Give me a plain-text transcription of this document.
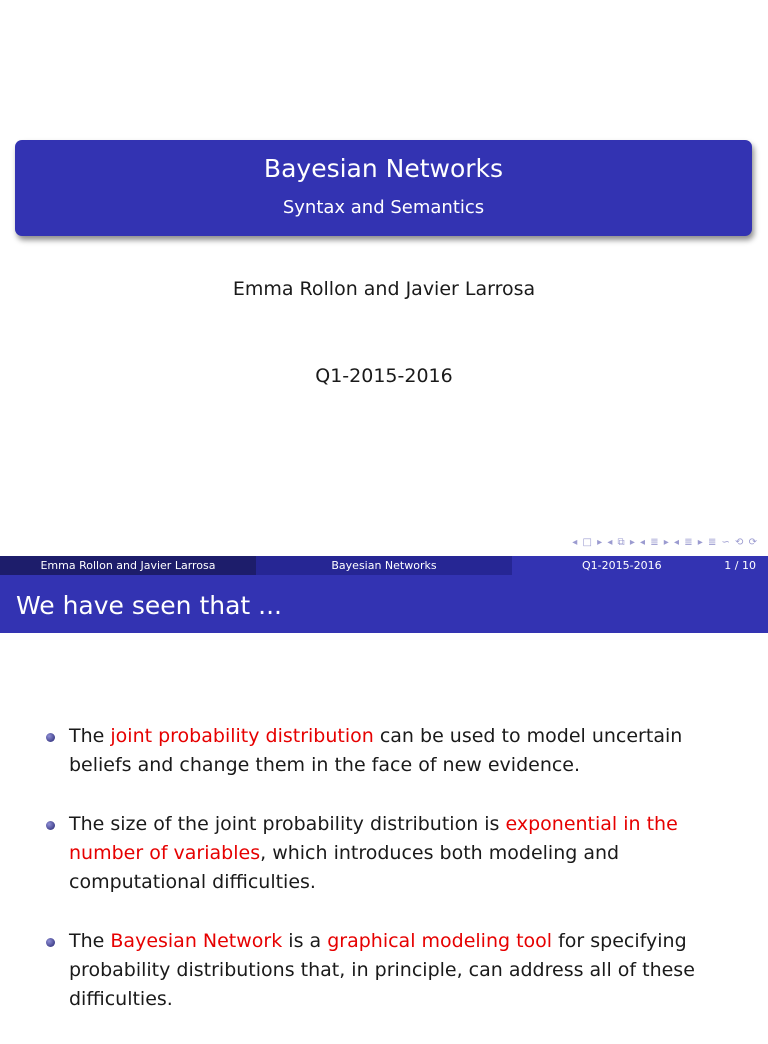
Bayesian Networks
Syntax and Semantics
Emma Rollon and Javier Larrosa
Q1-2015-2016
◂ □ ▸ ◂ ⧉ ▸ ◂ ≣ ▸ ◂ ≣ ▸ ≣ ∽ ⟲ ⟳
Emma Rollon and Javier Larrosa	Bayesian Networks	Q1-2015-2016	1 / 10
We have seen that ...
The joint probability distribution can be used to model uncertain beliefs and change them in the face of new evidence.
The size of the joint probability distribution is exponential in the number of variables, which introduces both modeling and computational difficulties.
The Bayesian Network is a graphical modeling tool for specifying probability distributions that, in principle, can address all of these difficulties.
